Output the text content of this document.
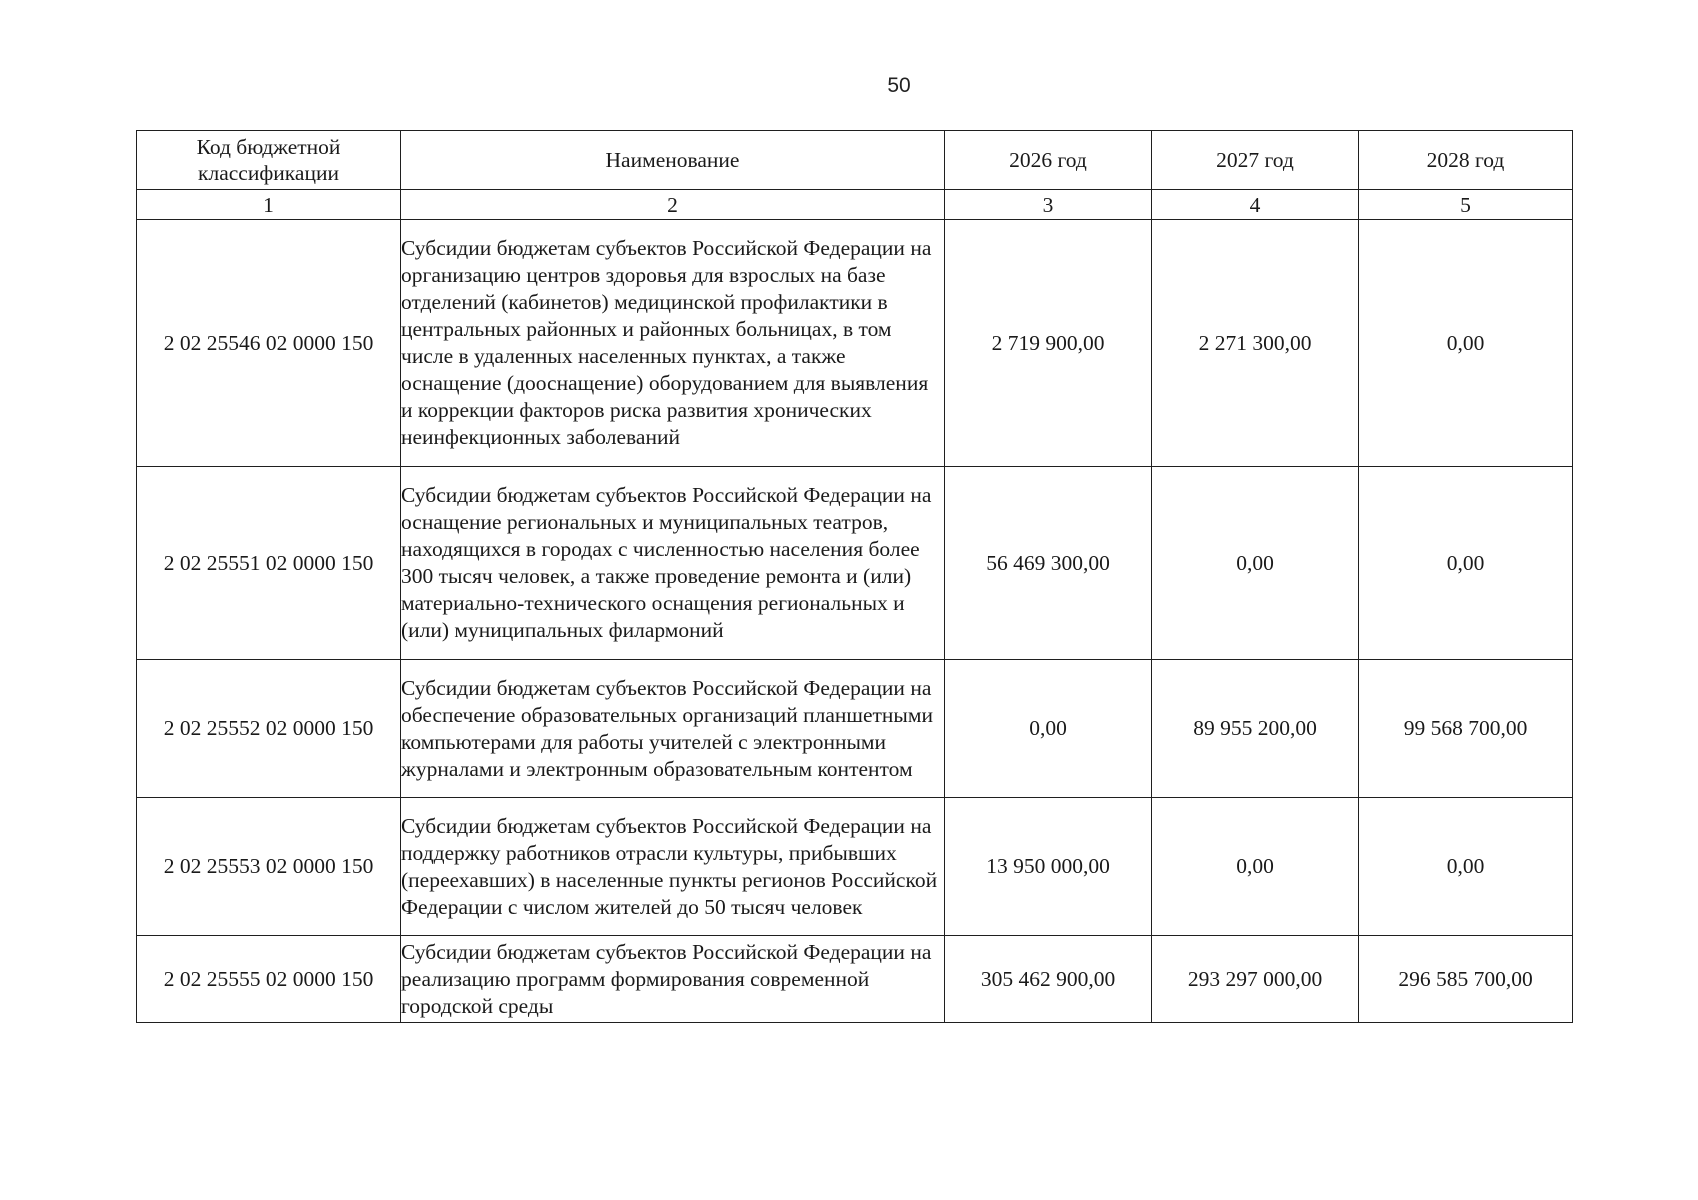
50
Код бюджетной классификации	Наименование	2026 год	2027 год	2028 год
1	2	3	4	5
2 02 25546 02 0000 150	Субсидии бюджетам субъектов Российской Федерации на организацию центров здоровья для взрослых на базе отделений (кабинетов) медицинской профилактики в центральных районных и районных больницах, в том числе в удаленных населенных пунктах, а также оснащение (дооснащение) оборудованием для выявления и коррекции факторов риска развития хронических неинфекционных заболеваний	2 719 900,00	2 271 300,00	0,00
2 02 25551 02 0000 150	Субсидии бюджетам субъектов Российской Федерации на оснащение региональных и муниципальных театров, находящихся в городах с численностью населения более 300 тысяч человек, а также проведение ремонта и (или) материально-технического оснащения региональных и (или) муниципальных филармоний	56 469 300,00	0,00	0,00
2 02 25552 02 0000 150	Субсидии бюджетам субъектов Российской Федерации на обеспечение образовательных организаций планшетными компьютерами для работы учителей с электронными журналами и электронным образовательным контентом	0,00	89 955 200,00	99 568 700,00
2 02 25553 02 0000 150	Субсидии бюджетам субъектов Российской Федерации на поддержку работников отрасли культуры, прибывших (переехавших) в населенные пункты регионов Российской Федерации с числом жителей до 50 тысяч человек	13 950 000,00	0,00	0,00
2 02 25555 02 0000 150	Субсидии бюджетам субъектов Российской Федерации на реализацию программ формирования современной городской среды	305 462 900,00	293 297 000,00	296 585 700,00
